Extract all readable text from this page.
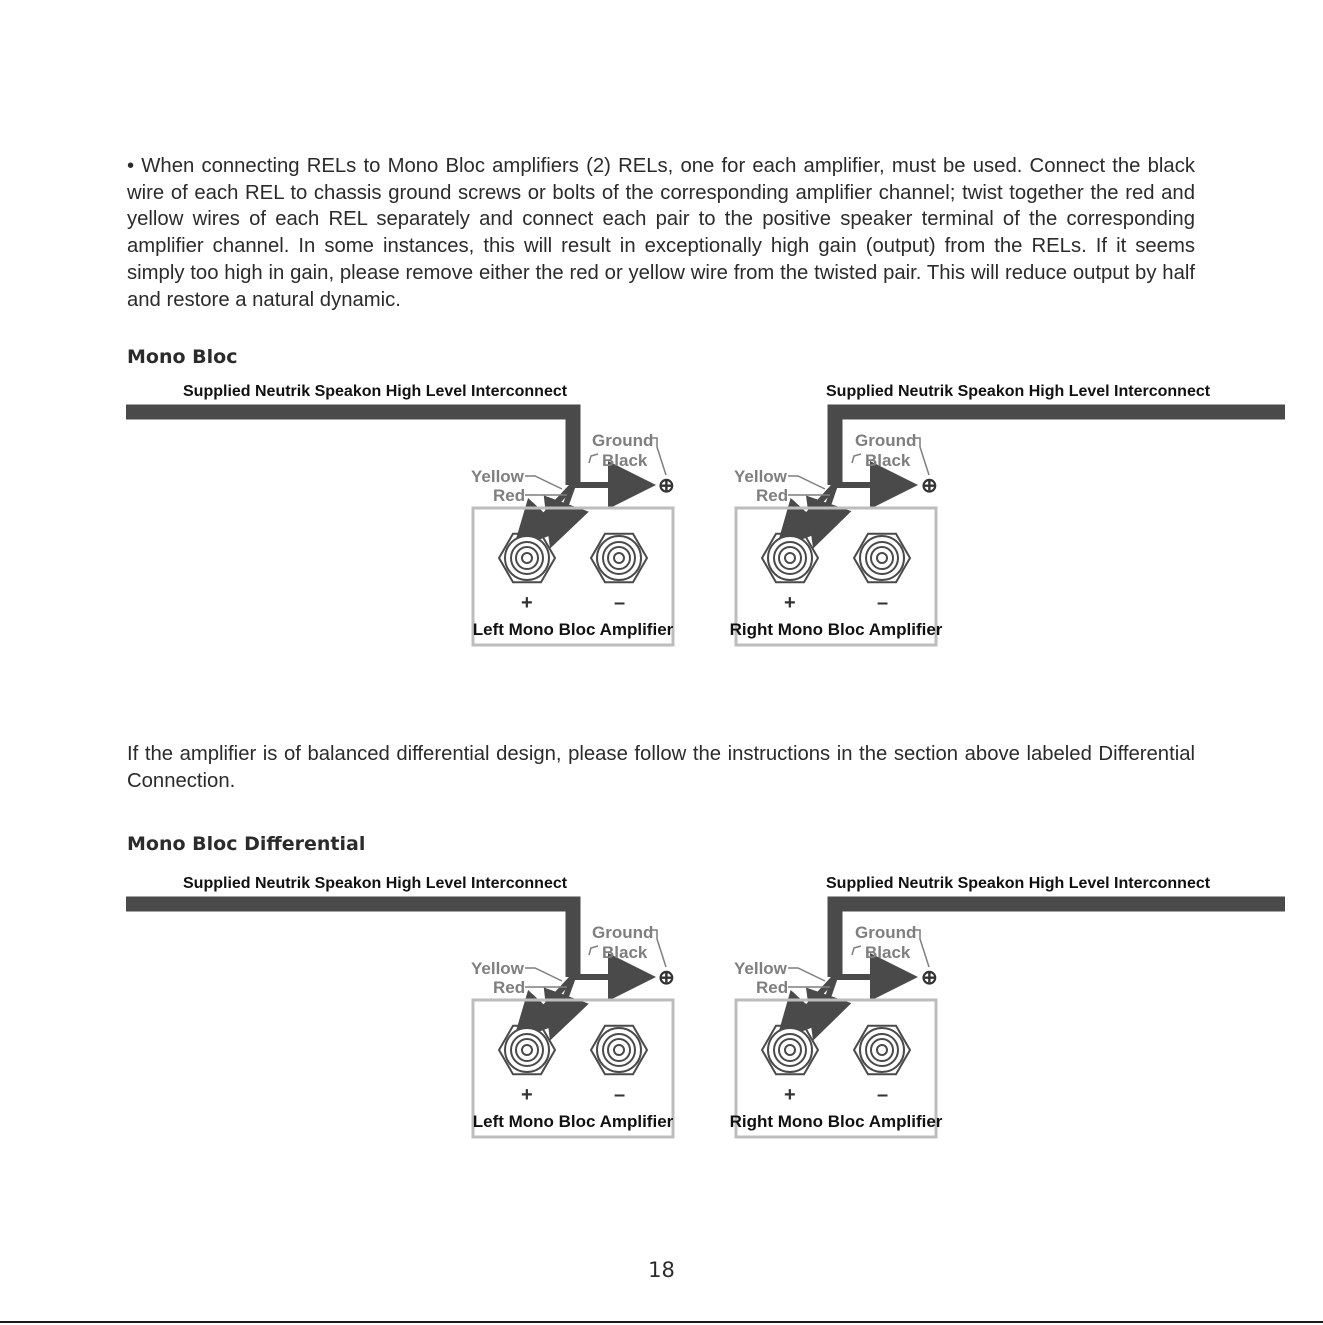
• When connecting RELs to Mono Bloc amplifiers (2) RELs, one for each amplifier, must be used. Connect the black wire of each REL to chassis ground screws or bolts of the corresponding amplifier channel; twist together the red and yellow wires of each REL separately and connect each pair to the positive speaker terminal of the corresponding amplifier channel. In some instances, this will result in exceptionally high gain (output) from the RELs. If it seems simply too high in gain, please remove either the red or yellow wire from the twisted pair. This will reduce output by half and restore a natural dynamic.

Mono Bloc
Supplied Neutrik Speakon High Level Interconnect
Ground
Black
Yellow
Red	⊕
+	–
Left Mono Bloc Amplifier
Supplied Neutrik Speakon High Level Interconnect
Ground
Black
Yellow
Red	⊕
+	–
Right Mono Bloc Amplifier

If the amplifier is of balanced differential design, please follow the instructions in the section above labeled Differential Connection.

Mono Bloc Differential
Supplied Neutrik Speakon High Level Interconnect
Ground
Black
Yellow
Red	⊕
+	–
Left Mono Bloc Amplifier
Supplied Neutrik Speakon High Level Interconnect
Ground
Black
Yellow
Red	⊕
+	–
Right Mono Bloc Amplifier
18
